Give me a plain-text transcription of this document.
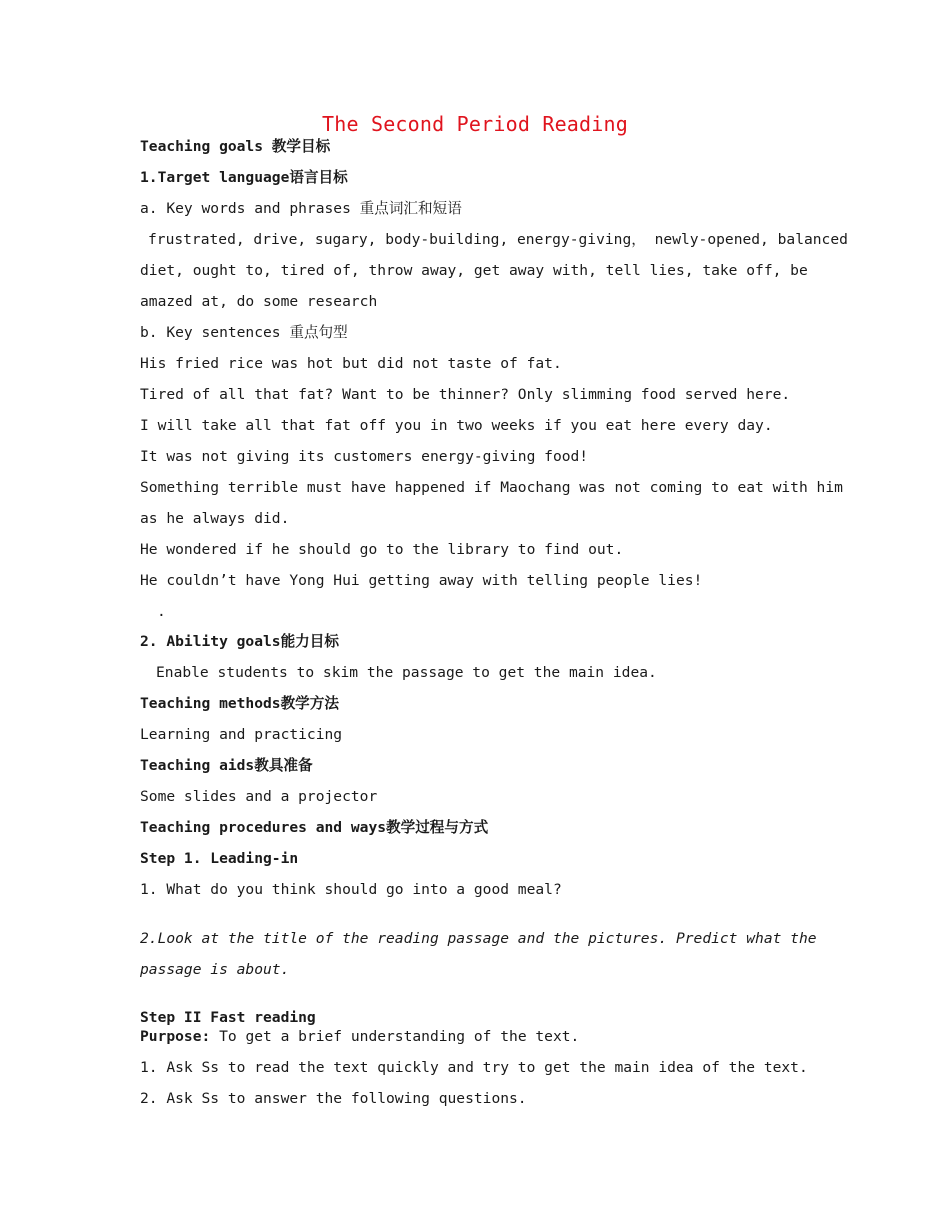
The Second Period Reading
Teaching goals 教学目标
1.Target language语言目标
a. Key words and phrases 重点词汇和短语
frustrated, drive, sugary, body-building, energy-giving， newly-opened, balanced
diet, ought to, tired of, throw away, get away with, tell lies, take off, be
amazed at, do some research
b. Key sentences 重点句型
His fried rice was hot but did not taste of fat.
Tired of all that fat? Want to be thinner? Only slimming food served here.
I will take all that fat off you in two weeks if you eat here every day.
It was not giving its customers energy-giving food!
Something terrible must have happened if Maochang was not coming to eat with him
as he always did.
He wondered if he should go to the library to find out.
He couldn’t have Yong Hui getting away with telling people lies!
.
2. Ability goals能力目标
Enable students to skim the passage to get the main idea.
Teaching methods教学方法
Learning and practicing
Teaching aids教具准备
Some slides and a projector
Teaching procedures and ways教学过程与方式
Step 1. Leading-in
1. What do you think should go into a good meal?
2.Look at the title of the reading passage and the pictures. Predict what the
passage is about.
Step II Fast reading
Purpose: To get a brief understanding of the text.
1. Ask Ss to read the text quickly and try to get the main idea of the text.
2. Ask Ss to answer the following questions.
